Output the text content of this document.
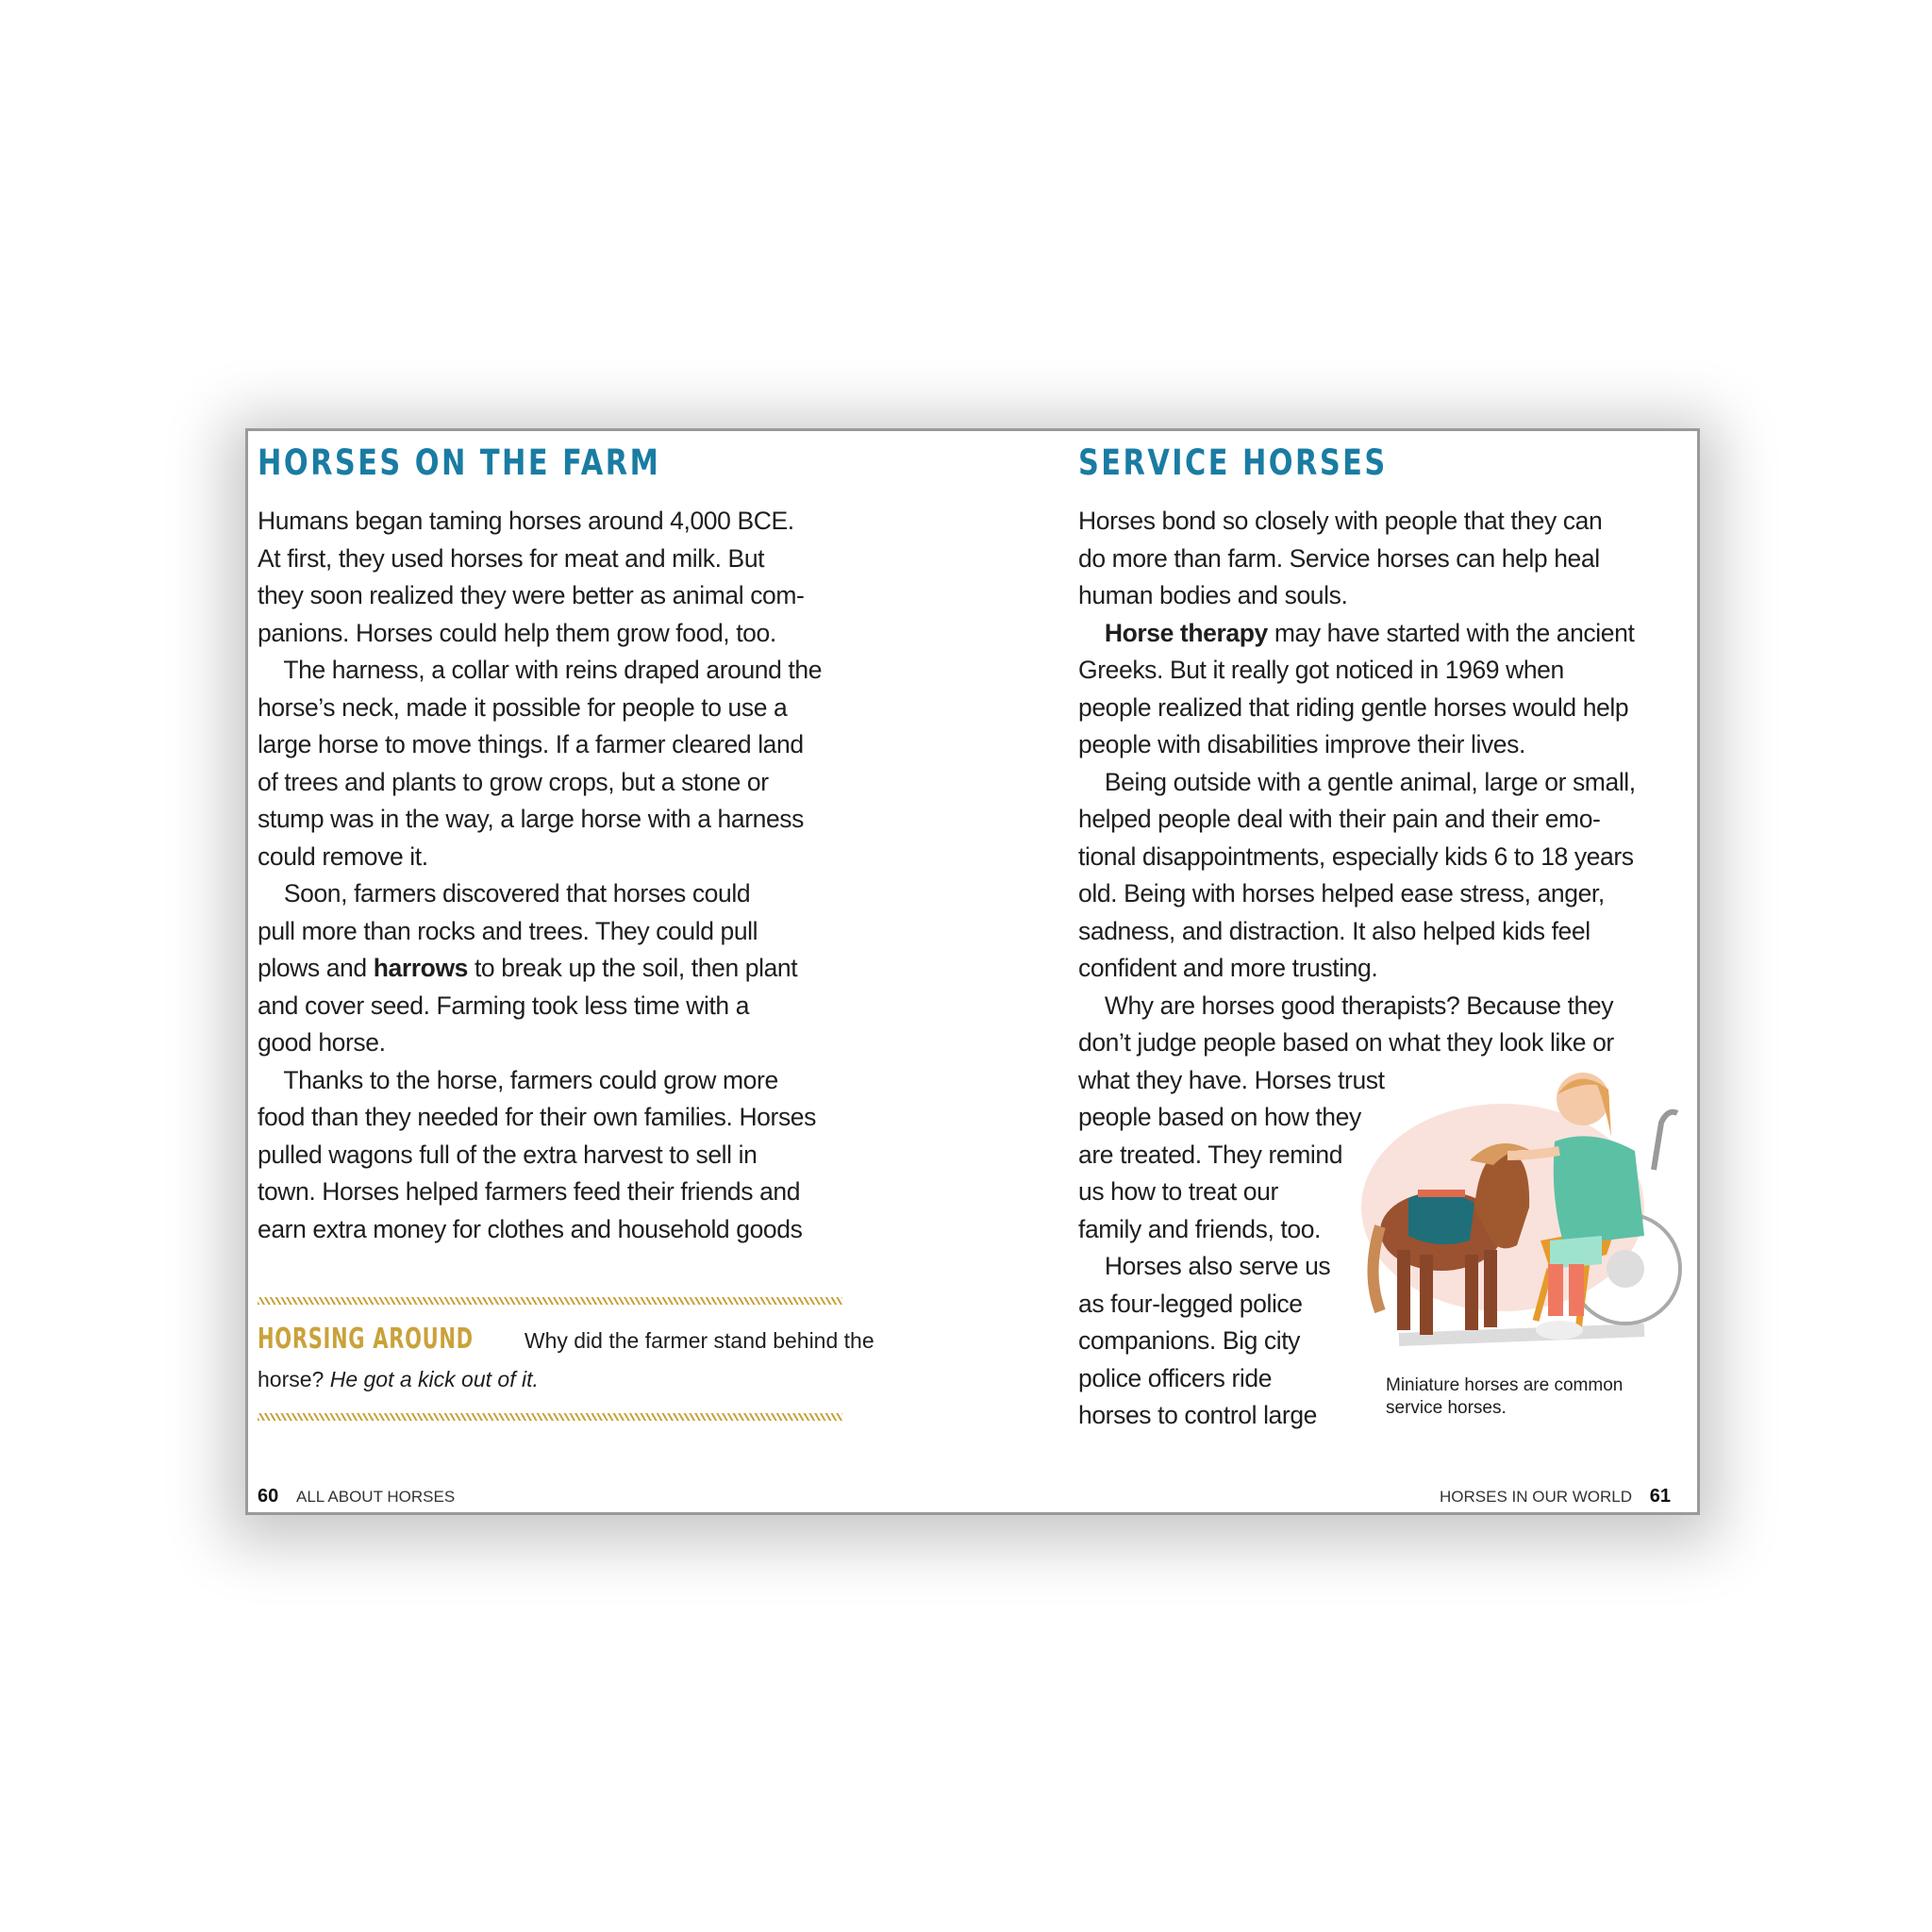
HORSES ON THE FARM
Humans began taming horses around 4,000 BCE.
At first, they used horses for meat and milk. But
they soon realized they were better as animal com-
panions. Horses could help them grow food, too.
The harness, a collar with reins draped around the
horse’s neck, made it possible for people to use a
large horse to move things. If a farmer cleared land
of trees and plants to grow crops, but a stone or
stump was in the way, a large horse with a harness
could remove it.
Soon, farmers discovered that horses could
pull more than rocks and trees. They could pull
plows and harrows to break up the soil, then plant
and cover seed. Farming took less time with a
good horse.
Thanks to the horse, farmers could grow more
food than they needed for their own families. Horses
pulled wagons full of the extra harvest to sell in
town. Horses helped farmers feed their friends and
earn extra money for clothes and household goods
HORSING AROUND Why did the farmer stand behind the
horse? He got a kick out of it.
60 ALL ABOUT HORSES
SERVICE HORSES
Horses bond so closely with people that they can
do more than farm. Service horses can help heal
human bodies and souls.
Horse therapy may have started with the ancient
Greeks. But it really got noticed in 1969 when
people realized that riding gentle horses would help
people with disabilities improve their lives.
Being outside with a gentle animal, large or small,
helped people deal with their pain and their emo-
tional disappointments, especially kids 6 to 18 years
old. Being with horses helped ease stress, anger,
sadness, and distraction. It also helped kids feel
confident and more trusting.
Why are horses good therapists? Because they
don’t judge people based on what they look like or
what they have. Horses trust
people based on how they
are treated. They remind
us how to treat our
family and friends, too.
Horses also serve us
as four-legged police
companions. Big city
police officers ride
horses to control large
Miniature horses are common service horses.
HORSES IN OUR WORLD 61
